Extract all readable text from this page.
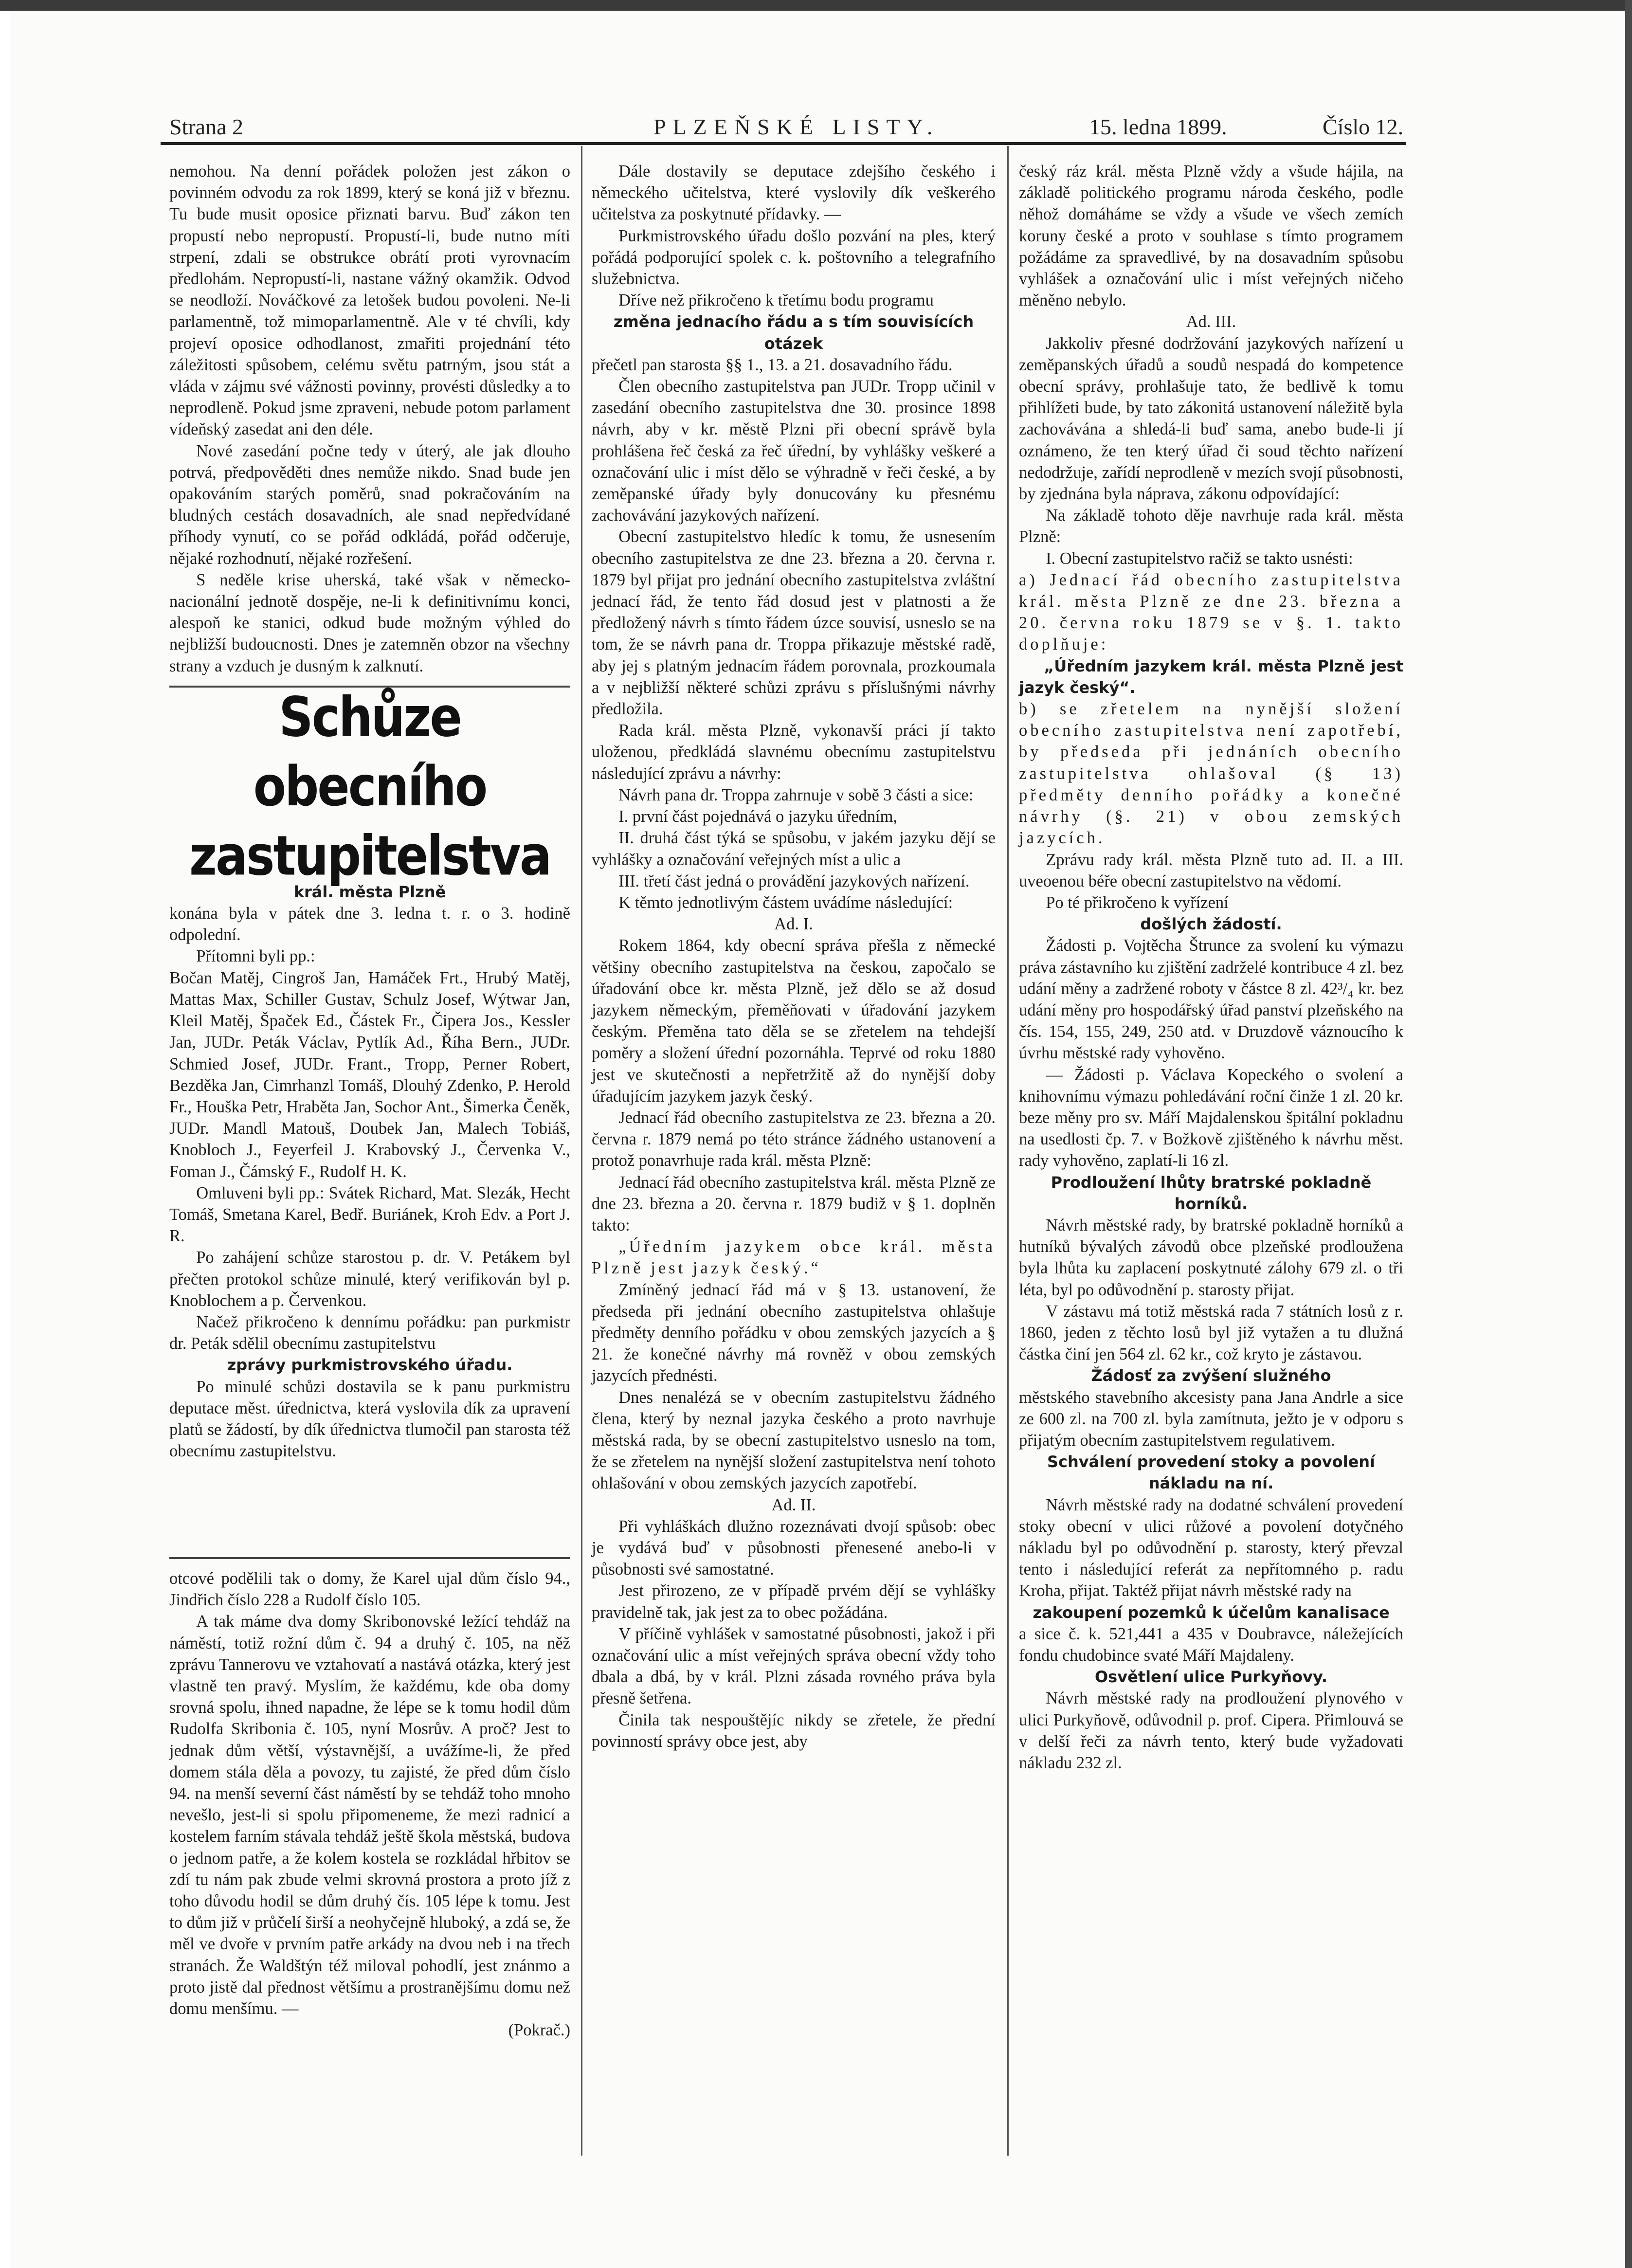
Strana 2	PLZEŇSKÉ LISTY.	15. ledna 1899.	Číslo 12.

nemohou. Na denní pořádek položen jest zákon o povinném odvodu za rok 1899, který se koná již v březnu. Tu bude musit oposice přiznati barvu. Buď zákon ten propustí nebo nepropustí. Propustí-li, bude nutno míti strpení, zdali se obstrukce obrátí proti vyrovnacím předlohám. Nepropustí-li, nastane vážný okamžik. Odvod se neodloží. Nováčkové za letošek budou povoleni. Ne-li parlamentně, tož mimoparlamentně. Ale v té chvíli, kdy projeví oposice odhodlanost, zmařiti projednání této záležitosti spůsobem, celému světu patrným, jsou stát a vláda v zájmu své vážnosti povinny, provésti důsledky a to neprodleně. Pokud jsme zpraveni, nebude potom parlament vídeňský zasedat ani den déle.

Nové zasedání počne tedy v úterý, ale jak dlouho potrvá, předpověděti dnes nemůže nikdo. Snad bude jen opakováním starých poměrů, snad pokračováním na bludných cestách dosavadních, ale snad nepředvídané příhody vynutí, co se pořád odkládá, pořád odčeruje, nějaké rozhodnutí, nějaké rozřešení.

S neděle krise uherská, také však v německo-nacionální jednotě dospěje, ne-li k definitivnímu konci, alespoň ke stanici, odkud bude možným výhled do nejbližší budoucnosti. Dnes je zatemněn obzor na všechny strany a vzduch je dusným k zalknutí.

Schůze obecního zastupitelstva

král. města Plzně

konána byla v pátek dne 3. ledna t. r. o 3. hodině odpolední.

Přítomni byli pp.:

Bočan Matěj, Cingroš Jan, Hamáček Frt., Hrubý Matěj, Mattas Max, Schiller Gustav, Schulz Josef, Wýtwar Jan, Kleil Matěj, Špaček Ed., Částek Fr., Čipera Jos., Kessler Jan, JUDr. Peták Václav, Pytlík Ad., Říha Bern., JUDr. Schmied Josef, JUDr. Frant., Tropp, Perner Robert, Bezděka Jan, Cimrhanzl Tomáš, Dlouhý Zdenko, P. Herold Fr., Houška Petr, Hraběta Jan, Sochor Ant., Šimerka Čeněk, JUDr. Mandl Matouš, Doubek Jan, Malech Tobiáš, Knobloch J., Feyerfeil J. Krabovský J., Červenka V., Foman J., Čámský F., Rudolf H. K.

Omluveni byli pp.: Svátek Richard, Mat. Slezák, Hecht Tomáš, Smetana Karel, Bedř. Buriánek, Kroh Edv. a Port J. R.

Po zahájení schůze starostou p. dr. V. Petákem byl přečten protokol schůze minulé, který verifikován byl p. Knoblochem a p. Červenkou.

Načež přikročeno k dennímu pořádku: pan purkmistr dr. Peták sdělil obecnímu zastupitelstvu

zprávy purkmistrovského úřadu.

Po minulé schůzi dostavila se k panu purkmistru deputace měst. úřednictva, která vyslovila dík za upravení platů se žádostí, by dík úřednictva tlumočil pan starosta též obecnímu zastupitelstvu.

otcové podělili tak o domy, že Karel ujal dům číslo 94., Jindřich číslo 228 a Rudolf číslo 105.

A tak máme dva domy Skribonovské ležící tehdáž na náměstí, totiž rožní dům č. 94 a druhý č. 105, na něž zprávu Tannerovu ve vztahovatí a nastává otázka, který jest vlastně ten pravý. Myslím, že každému, kde oba domy srovná spolu, ihned napadne, že lépe se k tomu hodil dům Rudolfa Skribonia č. 105, nyní Mosrův. A proč? Jest to jednak dům větší, výstavnější, a uvážíme-li, že před domem stála děla a povozy, tu zajisté, že před dům číslo 94. na menší severní část náměstí by se tehdáž toho mnoho nevešlo, jest-li si spolu připomeneme, že mezi radnicí a kostelem farním stávala tehdáž ještě škola městská, budova o jednom patře, a že kolem kostela se rozkládal hřbitov se zdí tu nám pak zbude velmi skrovná prostora a proto jíž z toho důvodu hodil se dům druhý čís. 105 lépe k tomu. Jest to dům již v průčelí širší a neohyčejně hluboký, a zdá se, že měl ve dvoře v prvním patře arkády na dvou neb i na třech stranách. Že Waldštýn též miloval pohodlí, jest znánmo a proto jistě dal přednost většímu a prostranějšímu domu než domu menšímu. —

(Pokrač.)

Dále dostavily se deputace zdejšího českého i německého učitelstva, které vyslovily dík veškerého učitelstva za poskytnuté přídavky. —

Purkmistrovského úřadu došlo pozvání na ples, který pořádá podporující spolek c. k. poštovního a telegrafního služebnictva.

Dříve než přikročeno k třetímu bodu programu

změna jednacího řádu a s tím souvisících otázek

přečetl pan starosta §§ 1., 13. a 21. dosavadního řádu.

Člen obecního zastupitelstva pan JUDr. Tropp učinil v zasedání obecního zastupitelstva dne 30. prosince 1898 návrh, aby v kr. městě Plzni při obecní správě byla prohlášena řeč česká za řeč úřední, by vyhlášky veškeré a označování ulic i míst dělo se výhradně v řeči české, a by zeměpanské úřady byly donucovány ku přesnému zachovávání jazykových nařízení.

Obecní zastupitelstvo hledíc k tomu, že usnesením obecního zastupitelstva ze dne 23. března a 20. června r. 1879 byl přijat pro jednání obecního zastupitelstva zvláštní jednací řád, že tento řád dosud jest v platnosti a že předložený návrh s tímto řádem úzce souvisí, usneslo se na tom, že se návrh pana dr. Troppa přikazuje městské radě, aby jej s platným jednacím řádem porovnala, prozkoumala a v nejbližší některé schůzi zprávu s příslušnými návrhy předložila.

Rada král. města Plzně, vykonavší práci jí takto uloženou, předkládá slavnému obecnímu zastupitelstvu následující zprávu a návrhy:

Návrh pana dr. Troppa zahrnuje v sobě 3 části a sice:

I. první část pojednává o jazyku úředním,

II. druhá část týká se spůsobu, v jakém jazyku dějí se vyhlášky a označování veřejných míst a ulic a

III. třetí část jedná o provádění jazykových nařízení.

K těmto jednotlivým částem uvádíme následující:

Ad. I.

Rokem 1864, kdy obecní správa přešla z německé většiny obecního zastupitelstva na českou, započalo se úřadování obce kr. města Plzně, jež dělo se až dosud jazykem německým, přeměňovati v úřadování jazykem českým. Přeměna tato děla se se zřetelem na tehdejší poměry a složení úřední pozornáhla. Teprvé od roku 1880 jest ve skutečnosti a nepřetržitě až do nynější doby úřadujícím jazykem jazyk český.

Jednací řád obecního zastupitelstva ze 23. března a 20. června r. 1879 nemá po této stránce žádného ustanovení a protož ponavrhuje rada král. města Plzně:

Jednací řád obecního zastupitelstva král. města Plzně ze dne 23. března a 20. června r. 1879 budiž v § 1. doplněn takto:

„Úředním jazykem obce král. města Plzně jest jazyk český.“

Zmíněný jednací řád má v § 13. ustanovení, že předseda při jednání obecního zastupitelstva ohlašuje předměty denního pořádku v obou zemských jazycích a § 21. že konečné návrhy má rovněž v obou zemských jazycích přednésti.

Dnes nenalézá se v obecním zastupitelstvu žádného člena, který by neznal jazyka českého a proto navrhuje městská rada, by se obecní zastupitelstvo usneslo na tom, že se zřetelem na nynější složení zastupitelstva není tohoto ohlašování v obou zemských jazycích zapotřebí.

Ad. II.

Při vyhláškách dlužno rozeznávati dvojí spůsob: obec je vydává buď v působnosti přenesené anebo-li v působnosti své samostatné.

Jest přirozeno, ze v případě prvém dějí se vyhlášky pravidelně tak, jak jest za to obec požádána.

V příčině vyhlášek v samostatné působnosti, jakož i při označování ulic a míst veřejných správa obecní vždy toho dbala a dbá, by v král. Plzni zásada rovného práva byla přesně šetřena.

Činila tak nespouštějíc nikdy se zřetele, že přední povinností správy obce jest, aby

český ráz král. města Plzně vždy a všude hájila, na základě politického programu národa českého, podle něhož domáháme se vždy a všude ve všech zemích koruny české a proto v souhlase s tímto programem požádáme za spravedlivé, by na dosavadním spůsobu vyhlášek a označování ulic i míst veřejných ničeho měněno nebylo.

Ad. III.

Jakkoliv přesné dodržování jazykových nařízení u zeměpanských úřadů a soudů nespadá do kompetence obecní správy, prohlašuje tato, že bedlivě k tomu přihlížeti bude, by tato zákonitá ustanovení náležitě byla zachovávána a shledá-li buď sama, anebo bude-li jí oznámeno, že ten který úřad či soud těchto nařízení nedodržuje, zařídí neprodleně v mezích svojí působnosti, by zjednána byla náprava, zákonu odpovídající:

Na základě tohoto děje navrhuje rada král. města Plzně:

I. Obecní zastupitelstvo račiž se takto usnésti:

a) Jednací řád obecního zastupitelstva král. města Plzně ze dne 23. března a 20. června roku 1879 se v §. 1. takto doplňuje:

„Úředním jazykem král. města Plzně jest jazyk český“.

b) se zřetelem na nynější složení obecního zastupitelstva není zapotřebí, by předseda při jednáních obecního zastupitelstva ohlašoval (§ 13) předměty denního pořádky a konečné návrhy (§. 21) v obou zemských jazycích.

Zprávu rady král. města Plzně tuto ad. II. a III. uveoenou béře obecní zastupitelstvo na vědomí.

Po té přikročeno k vyřízení

došlých žádostí.

Žádosti p. Vojtěcha Štrunce za svolení ku výmazu práva zástavního ku zjištění zadrželé kontribuce 4 zl. bez udání měny a zadržené roboty v částce 8 zl. 42³/₄ kr. bez udání měny pro hospodářský úřad panství plzeňského na čís. 154, 155, 249, 250 atd. v Druzdově váznoucího k úvrhu městské rady vyhověno.

— Žádosti p. Václava Kopeckého o svolení a knihovnímu výmazu pohledávání roční činže 1 zl. 20 kr. beze měny pro sv. Máří Majdalenskou špitální pokladnu na usedlosti čp. 7. v Božkově zjištěného k návrhu měst. rady vyhověno, zaplatí-li 16 zl.

Prodloužení lhůty bratrské pokladně horníků.

Návrh městské rady, by bratrské pokladně horníků a hutníků bývalých závodů obce plzeňské prodloužena byla lhůta ku zaplacení poskytnuté zálohy 679 zl. o tři léta, byl po odůvodnění p. starosty přijat.

V zástavu má totiž městská rada 7 státních losů z r. 1860, jeden z těchto losů byl již vytažen a tu dlužná částka činí jen 564 zl. 62 kr., což kryto je zástavou.

Žádosť za zvýšení služného

městského stavebního akcesisty pana Jana Andrle a sice ze 600 zl. na 700 zl. byla zamítnuta, ježto je v odporu s přijatým obecním zastupitelstvem regulativem.

Schválení provedení stoky a povolení nákladu na ní.

Návrh městské rady na dodatné schválení provedení stoky obecní v ulici růžové a povolení dotyčného nákladu byl po odůvodnění p. starosty, který převzal tento i následující referát za nepřítomného p. radu Kroha, přijat. Taktéž přijat návrh městské rady na

zakoupení pozemků k účelům kanalisace

a sice č. k. 521,441 a 435 v Doubravce, náležejících fondu chudobince svaté Máří Majdaleny.

Osvětlení ulice Purkyňovy.

Návrh městské rady na prodloužení plynového v ulici Purkyňově, odůvodnil p. prof. Cipera. Přimlouvá se v delší řeči za návrh tento, který bude vyžadovati nákladu 232 zl.
